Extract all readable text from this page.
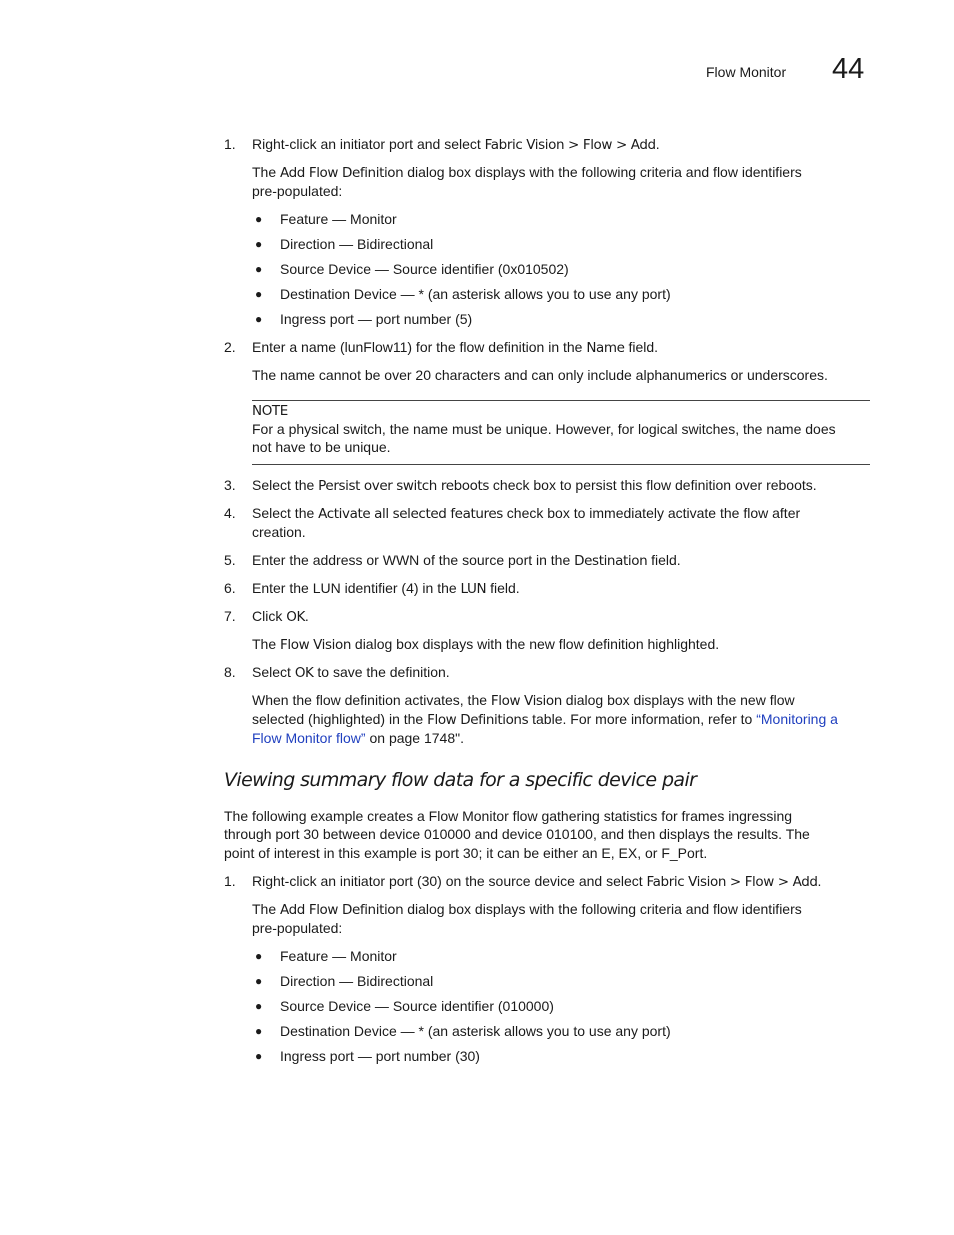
Flow Monitor 44
1. Right-click an initiator port and select Fabric Vision > Flow > Add.
The Add Flow Definition dialog box displays with the following criteria and flow identifiers
pre-populated:
● Feature — Monitor
● Direction — Bidirectional
● Source Device — Source identifier (0x010502)
● Destination Device — * (an asterisk allows you to use any port)
● Ingress port — port number (5)
2. Enter a name (lunFlow11) for the flow definition in the Name field.
The name cannot be over 20 characters and can only include alphanumerics or underscores.
NOTE
For a physical switch, the name must be unique. However, for logical switches, the name does
not have to be unique.
3. Select the Persist over switch reboots check box to persist this flow definition over reboots.
4. Select the Activate all selected features check box to immediately activate the flow after
creation.
5. Enter the address or WWN of the source port in the Destination field.
6. Enter the LUN identifier (4) in the LUN field.
7. Click OK.
The Flow Vision dialog box displays with the new flow definition highlighted.
8. Select OK to save the definition.
When the flow definition activates, the Flow Vision dialog box displays with the new flow
selected (highlighted) in the Flow Definitions table. For more information, refer to “Monitoring a
Flow Monitor flow” on page 1748".
Viewing summary flow data for a specific device pair
The following example creates a Flow Monitor flow gathering statistics for frames ingressing
through port 30 between device 010000 and device 010100, and then displays the results. The
point of interest in this example is port 30; it can be either an E, EX, or F_Port.
1. Right-click an initiator port (30) on the source device and select Fabric Vision > Flow > Add.
The Add Flow Definition dialog box displays with the following criteria and flow identifiers
pre-populated:
● Feature — Monitor
● Direction — Bidirectional
● Source Device — Source identifier (010000)
● Destination Device — * (an asterisk allows you to use any port)
● Ingress port — port number (30)
